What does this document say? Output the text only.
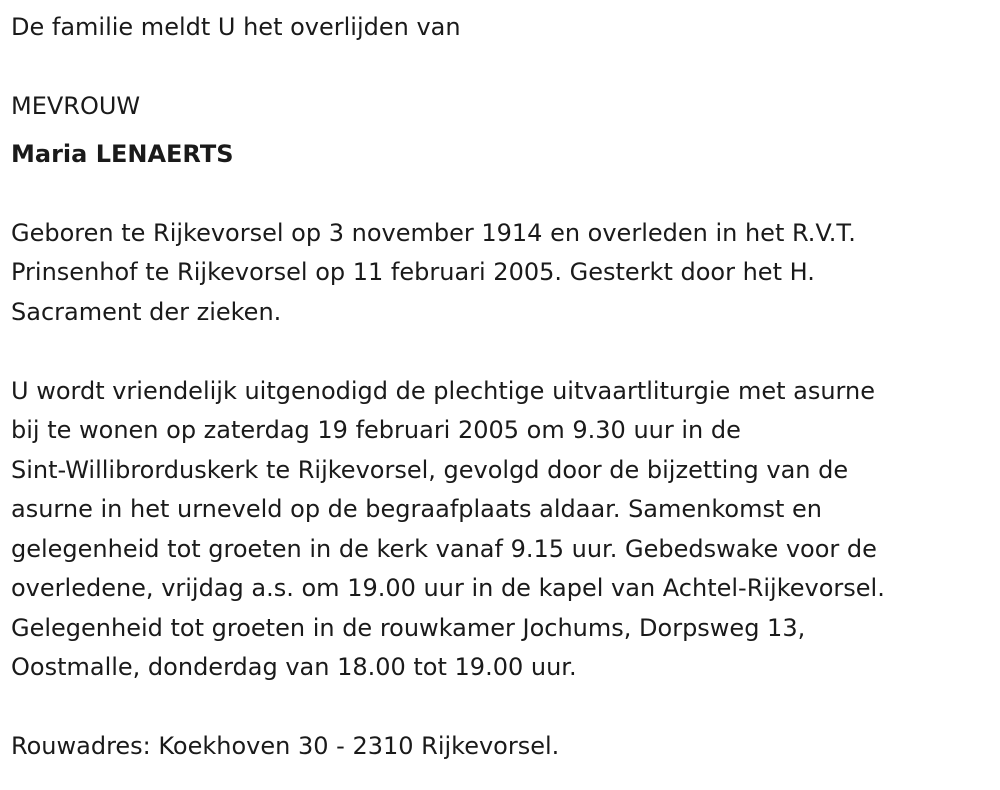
De familie meldt U het overlijden van
MEVROUW
Maria LENAERTS
Geboren te Rijkevorsel op 3 november 1914 en overleden in het R.V.T.
Prinsenhof te Rijkevorsel op 11 februari 2005. Gesterkt door het H.
Sacrament der zieken.
U wordt vriendelijk uitgenodigd de plechtige uitvaartliturgie met asurne
bij te wonen op zaterdag 19 februari 2005 om 9.30 uur in de
Sint-Willibrorduskerk te Rijkevorsel, gevolgd door de bijzetting van de
asurne in het urneveld op de begraafplaats aldaar. Samenkomst en
gelegenheid tot groeten in de kerk vanaf 9.15 uur. Gebedswake voor de
overledene, vrijdag a.s. om 19.00 uur in de kapel van Achtel-Rijkevorsel.
Gelegenheid tot groeten in de rouwkamer Jochums, Dorpsweg 13,
Oostmalle, donderdag van 18.00 tot 19.00 uur.
Rouwadres: Koekhoven 30 - 2310 Rijkevorsel.
